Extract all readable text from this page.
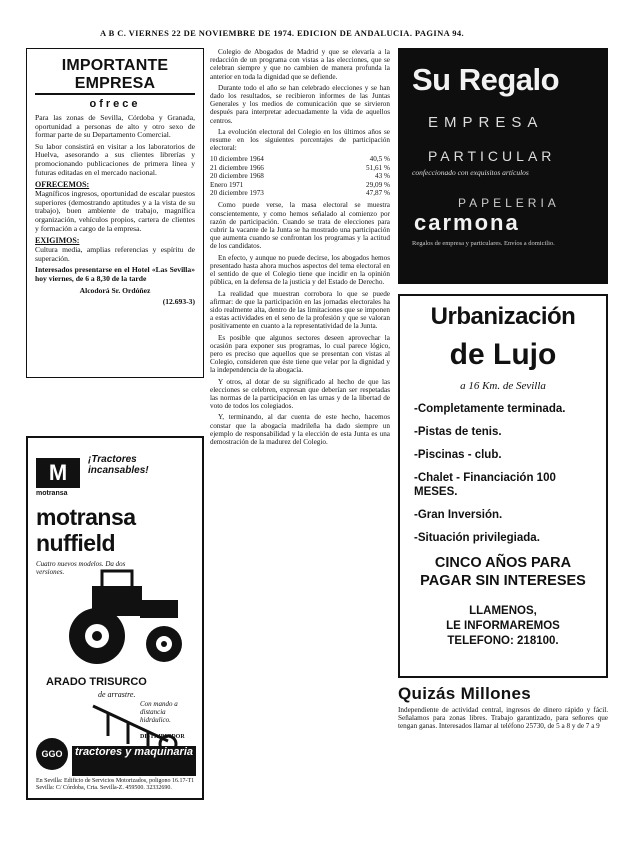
A B C. VIERNES 22 DE NOVIEMBRE DE 1974. EDICION DE ANDALUCIA. PAGINA 94.
IMPORTANTE EMPRESA
ofrece
Para las zonas de Sevilla, Córdoba y Granada, oportunidad a personas de alto y otro sexo de formar parte de su Departamento Comercial.
Su labor consistirá en visitar a los laboratorios de Huelva, asesorando a sus clientes librerías y promocionando publicaciones de primera línea y futuras editadas en el mercado nacional.
OFRECEMOS:
Magníficos ingresos, oportunidad de escalar puestos superiores (demostrando aptitudes y a la vista de su trabajo), buen ambiente de trabajo, magnífica organización, vehículos propios, cartera de clientes y formación a cargo de la empresa.
EXIGIMOS:
Cultura media, amplias referencias y espíritu de superación.
Interesados presentarse en el Hotel «Las Sevilla» hoy viernes, de 6 a 8,30 de la tarde
Alcodorá Sr. Ordóñez
(12.693-3)
M
motransa
¡Tractores incansables!
motransa
nuffield
Cuatro nuevos modelos. Da dos versiones.
ARADO TRISURCO
de arrastre.
Con mando a distancia hidráulico.
DISTRIBUIDOR
GGO	tractores y maquinaria
En Sevilla: Edificio de Servicios Motorizados, poligono 16.17-T1 Sevilla: C/ Córdoba, Crta. Sevilla-Z. 459500. 32332690.

Colegio de Abogados de Madrid y que se elevaría a la redacción de un programa con vistas a las elecciones, que se celebran siempre y que no cambien de manera profunda la anterior en toda la dignidad que se defiende.

Durante todo el año se han celebrado elecciones y se han dado los resultados, se recibieron informes de las Juntas Generales y los medios de comunicación que se sirvieron después para interpretar adecuadamente la vida de aquellos centros.

La evolución electoral del Colegio en los últimos años se resume en los siguientes porcentajes de participación electoral:

10 diciembre 1964	40,5 %
21 diciembre 1966	51,61 %
20 diciembre 1968	43 %
Enero 1971	29,09 %
20 diciembre 1973	47,87 %

Como puede verse, la masa electoral se muestra conscientemente, y como hemos señalado al comienzo por razón de participación. Cuando se trata de elecciones para cubrir la vacante de la Junta se ha mostrado una participación que aumenta cuando se confrontan los programas y la actitud de los candidatos.

En efecto, y aunque no puede decirse, los abogados hemos presentado hasta ahora muchos aspectos del tema electoral en el sentido de que el Colegio tiene que incidir en la opinión pública, en la defensa de la justicia y del Estado de Derecho.

La realidad que muestran corrobora lo que se puede afirmar: de que la participación en las jornadas electorales ha sido realmente alta, dentro de las limitaciones que se imponen a estas actividades en el seno de la profesión y que se valoran positivamente en cuanto a la representatividad de la Junta.

Es posible que algunos sectores deseen aprovechar la ocasión para exponer sus programas, lo cual parece lógico, pero es preciso que aquellos que se presentan con vistas al Colegio, consideren que éste tiene que velar por la dignidad y la independencia de la abogacía.

Y otros, al dotar de su significado al hecho de que las elecciones se celebren, expresan que deberían ser respetadas las normas de la participación en las urnas y de la libertad de voto de todos los colegiados.

Y, terminando, al dar cuenta de este hecho, hacemos constar que la abogacía madrileña ha dado siempre un ejemplo de responsabilidad y la elección de esta Junta es una demostración de la madurez del Colegio.

Su Regalo
EMPRESA
PARTICULAR
confeccionado con exquisitos artículos
PAPELERIA
carmona
Regalos de empresa y particulares. Envíos a domicilio.
Urbanización
de Lujo
a 16 Km. de Sevilla
-Completamente terminada.
-Pistas de tenis.
-Piscinas - club.
-Chalet - Financiación 100 MESES.
-Gran Inversión.
-Situación privilegiada.
CINCO AÑOS PARA
PAGAR SIN INTERESES
LLAMENOS,
LE INFORMAREMOS
TELEFONO: 218100.
Quizás Millones
Independiente de actividad central, ingresos de dinero rápido y fácil. Señalamos para zonas libres. Trabajo garantizado, para señores que tengan ganas. Interesados llamar al teléfono 25730, de 5 a 8 y de 7 a 9
